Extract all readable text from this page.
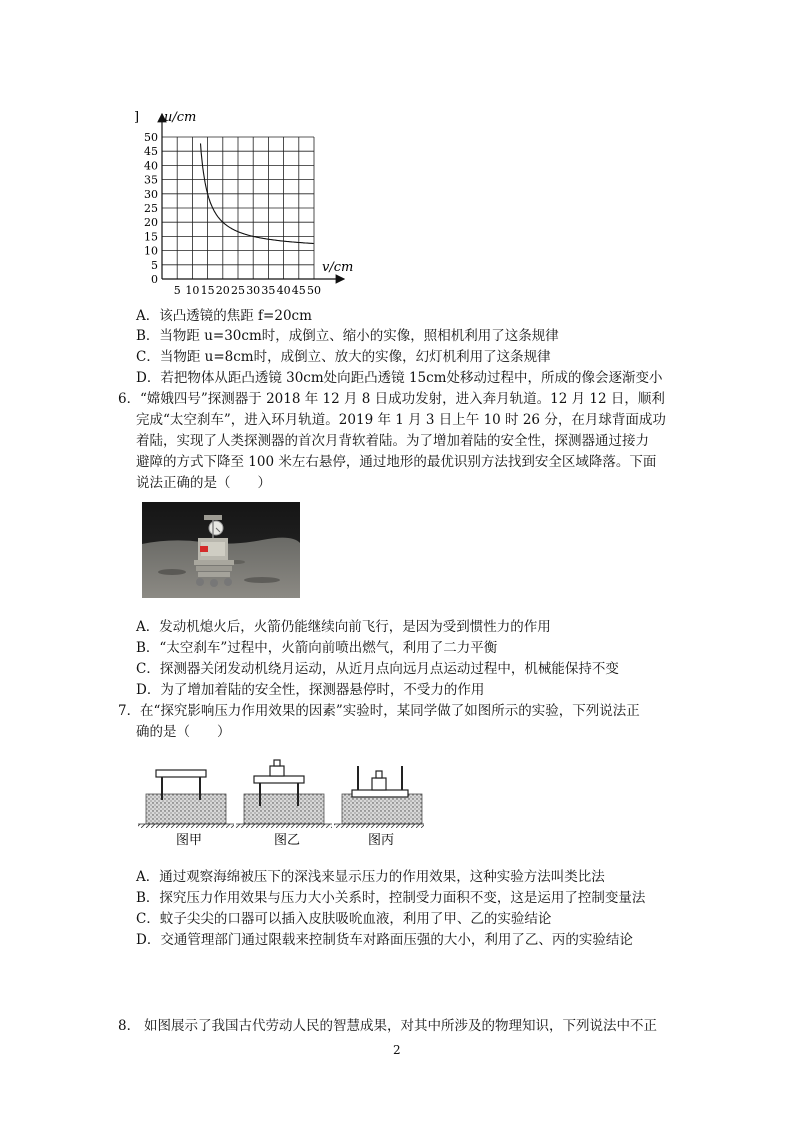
50
45
40
35
30
25
20
15
10
5
0
5 10 15 20 25 30 35 40 45 50
] u/cm
v/cm
A．该凸透镜的焦距 f=20cm
B．当物距 u=30cm时，成倒立、缩小的实像，照相机利用了这条规律
C．当物距 u=8cm时，成倒立、放大的实像，幻灯机利用了这条规律
D．若把物体从距凸透镜 30cm处向距凸透镜 15cm处移动过程中，所成的像会逐渐变小
6． “嫦娥四号”探测器于 2018 年 12 月 8 日成功发射，进入奔月轨道。12 月 12 日，顺利
完成“太空刹车”，进入环月轨道。2019 年 1 月 3 日上午 10 时 26 分，在月球背面成功
着陆，实现了人类探测器的首次月背软着陆。为了增加着陆的安全性，探测器通过接力
避障的方式下降至 100 米左右悬停，通过地形的最优识别方法找到安全区域降落。下面
说法正确的是（　　）
A．发动机熄火后，火箭仍能继续向前飞行，是因为受到惯性力的作用
B．“太空刹车”过程中，火箭向前喷出燃气，利用了二力平衡
C．探测器关闭发动机绕月运动，从近月点向远月点运动过程中，机械能保持不变
D．为了增加着陆的安全性，探测器悬停时，不受力的作用
7． 在“探究影响压力作用效果的因素”实验时，某同学做了如图所示的实验，下列说法正
确的是（　　）
图甲	图乙	图丙
A．通过观察海绵被压下的深浅来显示压力的作用效果，这种实验方法叫类比法
B．探究压力作用效果与压力大小关系时，控制受力面积不变，这是运用了控制变量法
C．蚊子尖尖的口器可以插入皮肤吸吮血液，利用了甲、乙的实验结论
D．交通管理部门通过限载来控制货车对路面压强的大小，利用了乙、丙的实验结论
8． 如图展示了我国古代劳动人民的智慧成果，对其中所涉及的物理知识，下列说法中不正
2
